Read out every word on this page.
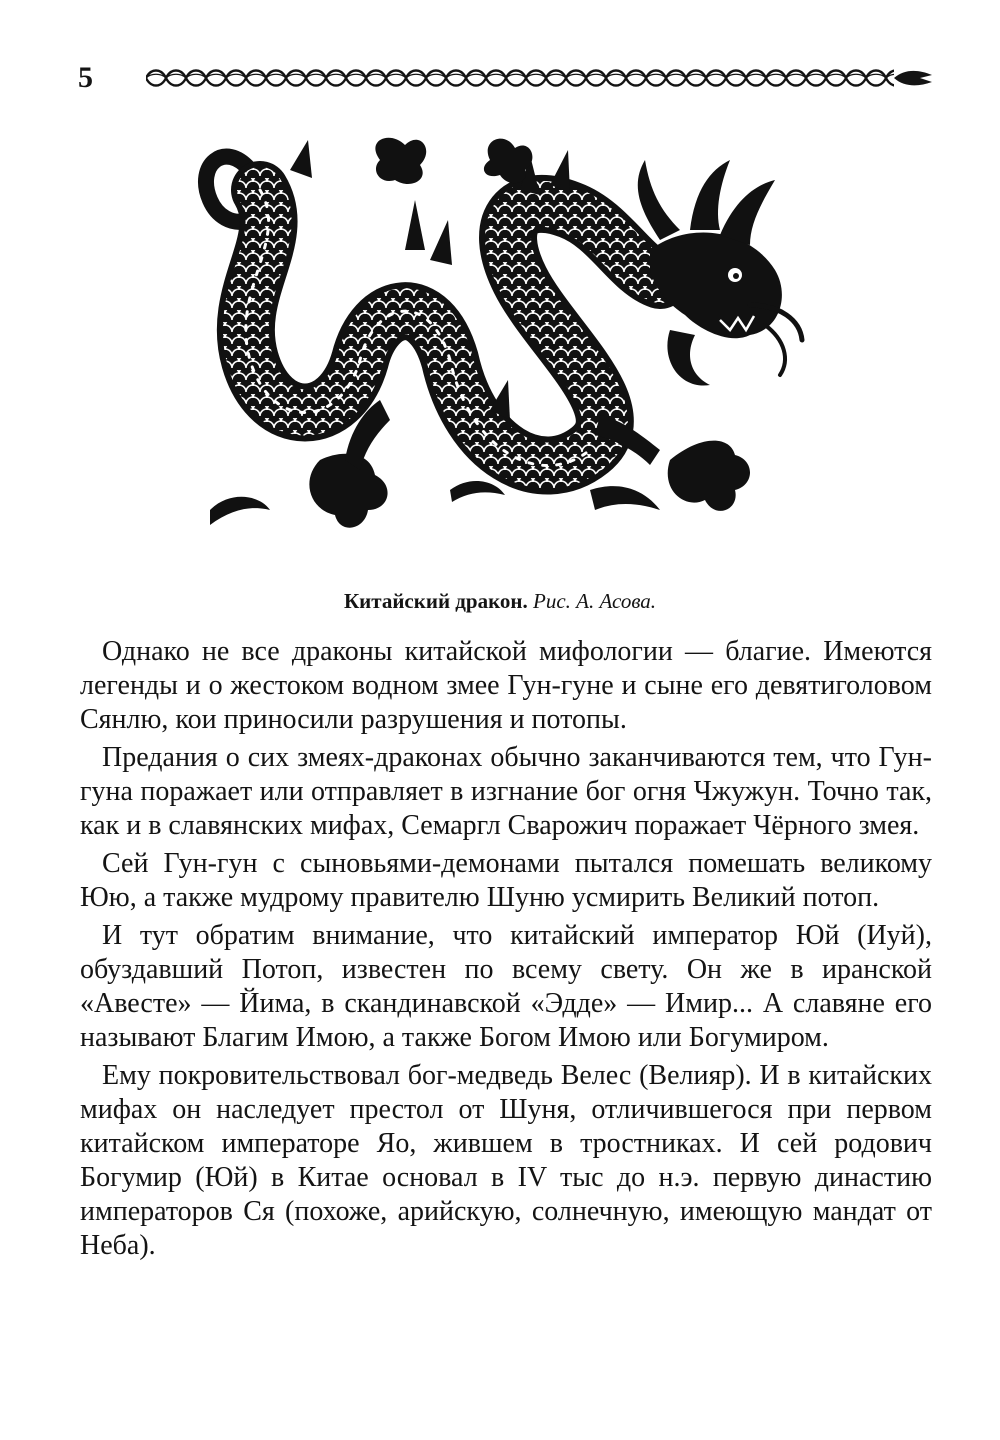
5
Китайский дракон. Рис. А. Асова.

Однако не все драконы китайской мифологии — благие. Имеются легенды и о жестоком водном змее Гун-гуне и сыне его девятиголовом Сянлю, кои приносили разрушения и потопы.

Предания о сих змеях-драконах обычно заканчиваются тем, что Гун-гуна поражает или отправляет в изгнание бог огня Чжужун. Точно так, как и в славянских мифах, Семаргл Сварожич поражает Чёрного змея.

Сей Гун-гун с сыновьями-демонами пытался помешать великому Юю, а также мудрому правителю Шуню усмирить Великий потоп.

И тут обратим внимание, что китайский император Юй (Иуй), обуздавший Потоп, известен по всему свету. Он же в иранской «Авесте» — Йима, в скандинавской «Эдде» — Имир... А славяне его называют Благим Имою, а также Богом Имою или Богумиром.

Ему покровительствовал бог-медведь Велес (Велияр). И в китайских мифах он наследует престол от Шуня, отличившегося при первом китайском императоре Яо, жившем в тростниках. И сей родович Богумир (Юй) в Китае основал в IV тыс до н.э. первую династию императоров Ся (похоже, арийскую, солнечную, имеющую мандат от Неба).
